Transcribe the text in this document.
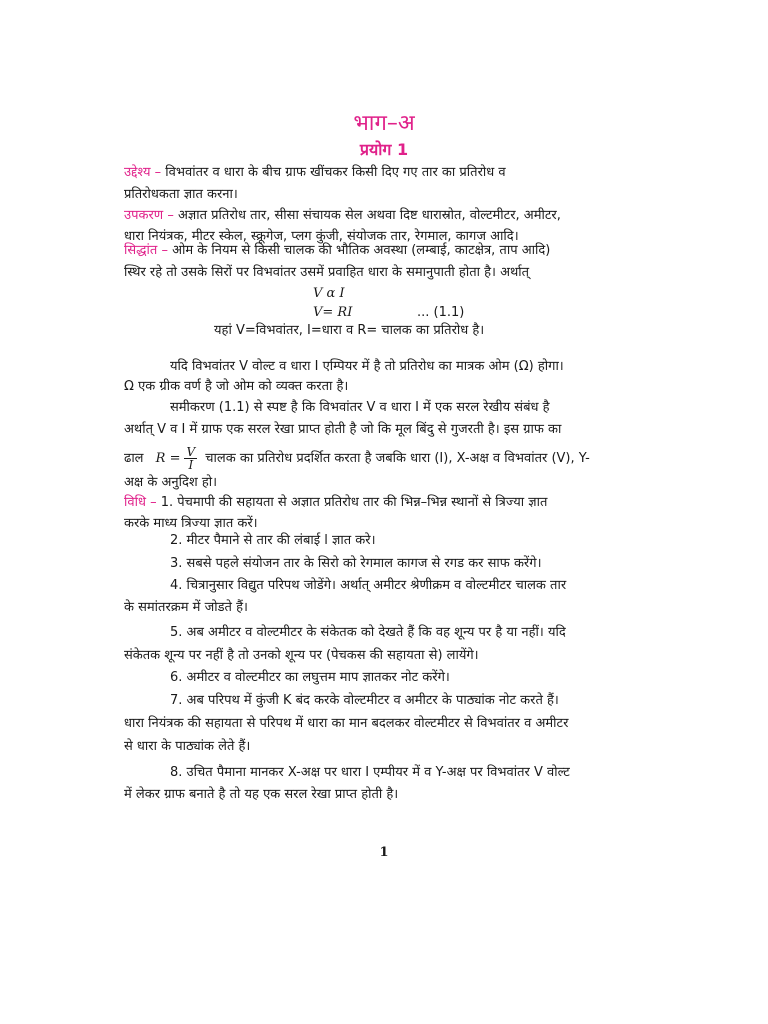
भाग–अ
प्रयोग 1
उद्देश्य – विभवांतर व धारा के बीच ग्राफ खींचकर किसी दिए गए तार का प्रतिरोध व
प्रतिरोधकता ज्ञात करना।
उपकरण – अज्ञात प्रतिरोध तार, सीसा संचायक सेल अथवा दिष्ट धारास्रोत, वोल्टमीटर, अमीटर,
धारा नियंत्रक, मीटर स्केल, स्क्रूगेज, प्लग कुंजी, संयोजक तार, रेगमाल, कागज आदि।
सिद्धांत – ओम के नियम से किसी चालक की भौतिक अवस्था (लम्बाई, काटक्षेत्र, ताप आदि)
स्थिर रहे तो उसके सिरों पर विभवांतर उसमें प्रवाहित धारा के समानुपाती होता है। अर्थात्
V α I
V= RI	... (1.1)
यहां V=विभवांतर, I=धारा व R= चालक का प्रतिरोध है।
यदि विभवांतर V वोल्ट व धारा I एम्पियर में है तो प्रतिरोध का मात्रक ओम (Ω) होगा।
Ω एक ग्रीक वर्ण है जो ओम को व्यक्त करता है।
समीकरण (1.1) से स्पष्ट है कि विभवांतर V व धारा I में एक सरल रेखीय संबंध है
अर्थात् V व I में ग्राफ एक सरल रेखा प्राप्त होती है जो कि मूल बिंदु से गुजरती है। इस ग्राफ का
ढाल $R = \frac{V}{I}$ चालक का प्रतिरोध प्रदर्शित करता है जबकि धारा (I), X-अक्ष व विभवांतर (V), Y-
अक्ष के अनुदिश हो।
विधि – 1. पेचमापी की सहायता से अज्ञात प्रतिरोध तार की भिन्न–भिन्न स्थानों से त्रिज्या ज्ञात
करके माध्य त्रिज्या ज्ञात करें।
2. मीटर पैमाने से तार की लंबाई l ज्ञात करे।
3. सबसे पहले संयोजन तार के सिरो को रेगमाल कागज से रगड कर साफ करेंगे।
4. चित्रानुसार विद्युत परिपथ जोडेंगे। अर्थात् अमीटर श्रेणीक्रम व वोल्टमीटर चालक तार
के समांतरक्रम में जोडते हैं।
5. अब अमीटर व वोल्टमीटर के संकेतक को देखते हैं कि वह शून्य पर है या नहीं। यदि
संकेतक शून्य पर नहीं है तो उनको शून्य पर (पेचकस की सहायता से) लायेंगे।
6. अमीटर व वोल्टमीटर का लघुत्तम माप ज्ञातकर नोट करेंगे।
7. अब परिपथ में कुंजी K बंद करके वोल्टमीटर व अमीटर के पाठ्यांक नोट करते हैं।
धारा नियंत्रक की सहायता से परिपथ में धारा का मान बदलकर वोल्टमीटर से विभवांतर व अमीटर
से धारा के पाठ्यांक लेते हैं।
8. उचित पैमाना मानकर X-अक्ष पर धारा I एम्पीयर में व Y-अक्ष पर विभवांतर V वोल्ट
में लेकर ग्राफ बनाते है तो यह एक सरल रेखा प्राप्त होती है।
1
